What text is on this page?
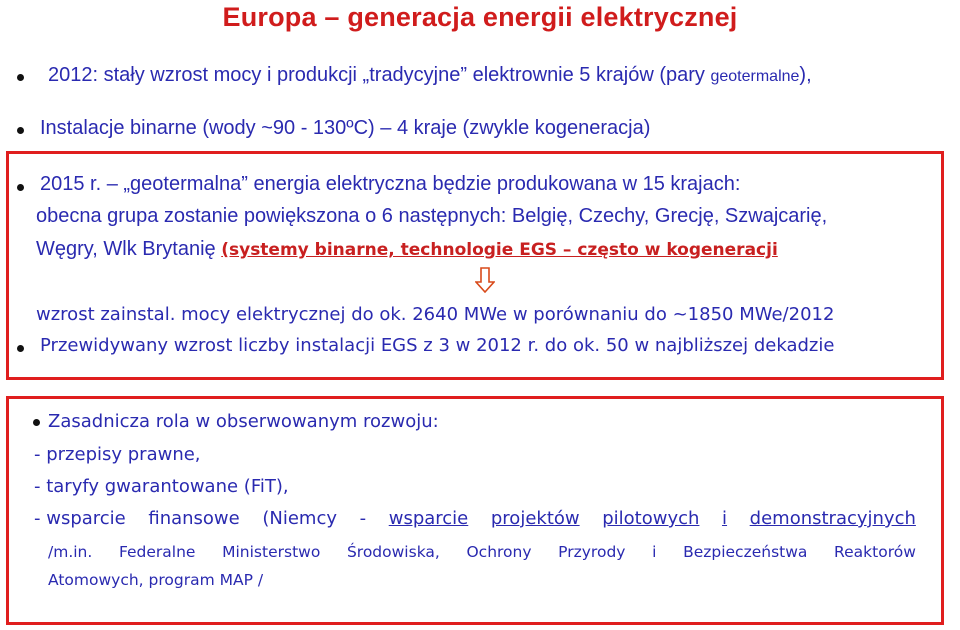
Europa – generacja energii elektrycznej
2012: stały wzrost mocy i produkcji „tradycyjne” elektrownie 5 krajów (pary geotermalne),
Instalacje binarne (wody ~90 - 130ºC) – 4 kraje (zwykle kogeneracja)
2015 r. – „geotermalna” energia elektryczna będzie produkowana w 15 krajach:
obecna grupa zostanie powiększona o 6 następnych: Belgię, Czechy, Grecję, Szwajcarię,
Węgry, Wlk Brytanię (systemy binarne, technologie EGS – często w kogeneracji
wzrost zainstal. mocy elektrycznej do ok. 2640 MWe w porównaniu do ~1850 MWe/2012
Przewidywany wzrost liczby instalacji EGS z 3 w 2012 r. do ok. 50 w najbliższej dekadzie
Zasadnicza rola w obserwowanym rozwoju:
- przepisy prawne,
- taryfy gwarantowane (FiT),
- wsparcie finansowe (Niemcy - wsparcie projektów pilotowych i demonstracyjnych
/m.in. Federalne Ministerstwo Środowiska, Ochrony Przyrody i Bezpieczeństwa Reaktorów
Atomowych, program MAP /
